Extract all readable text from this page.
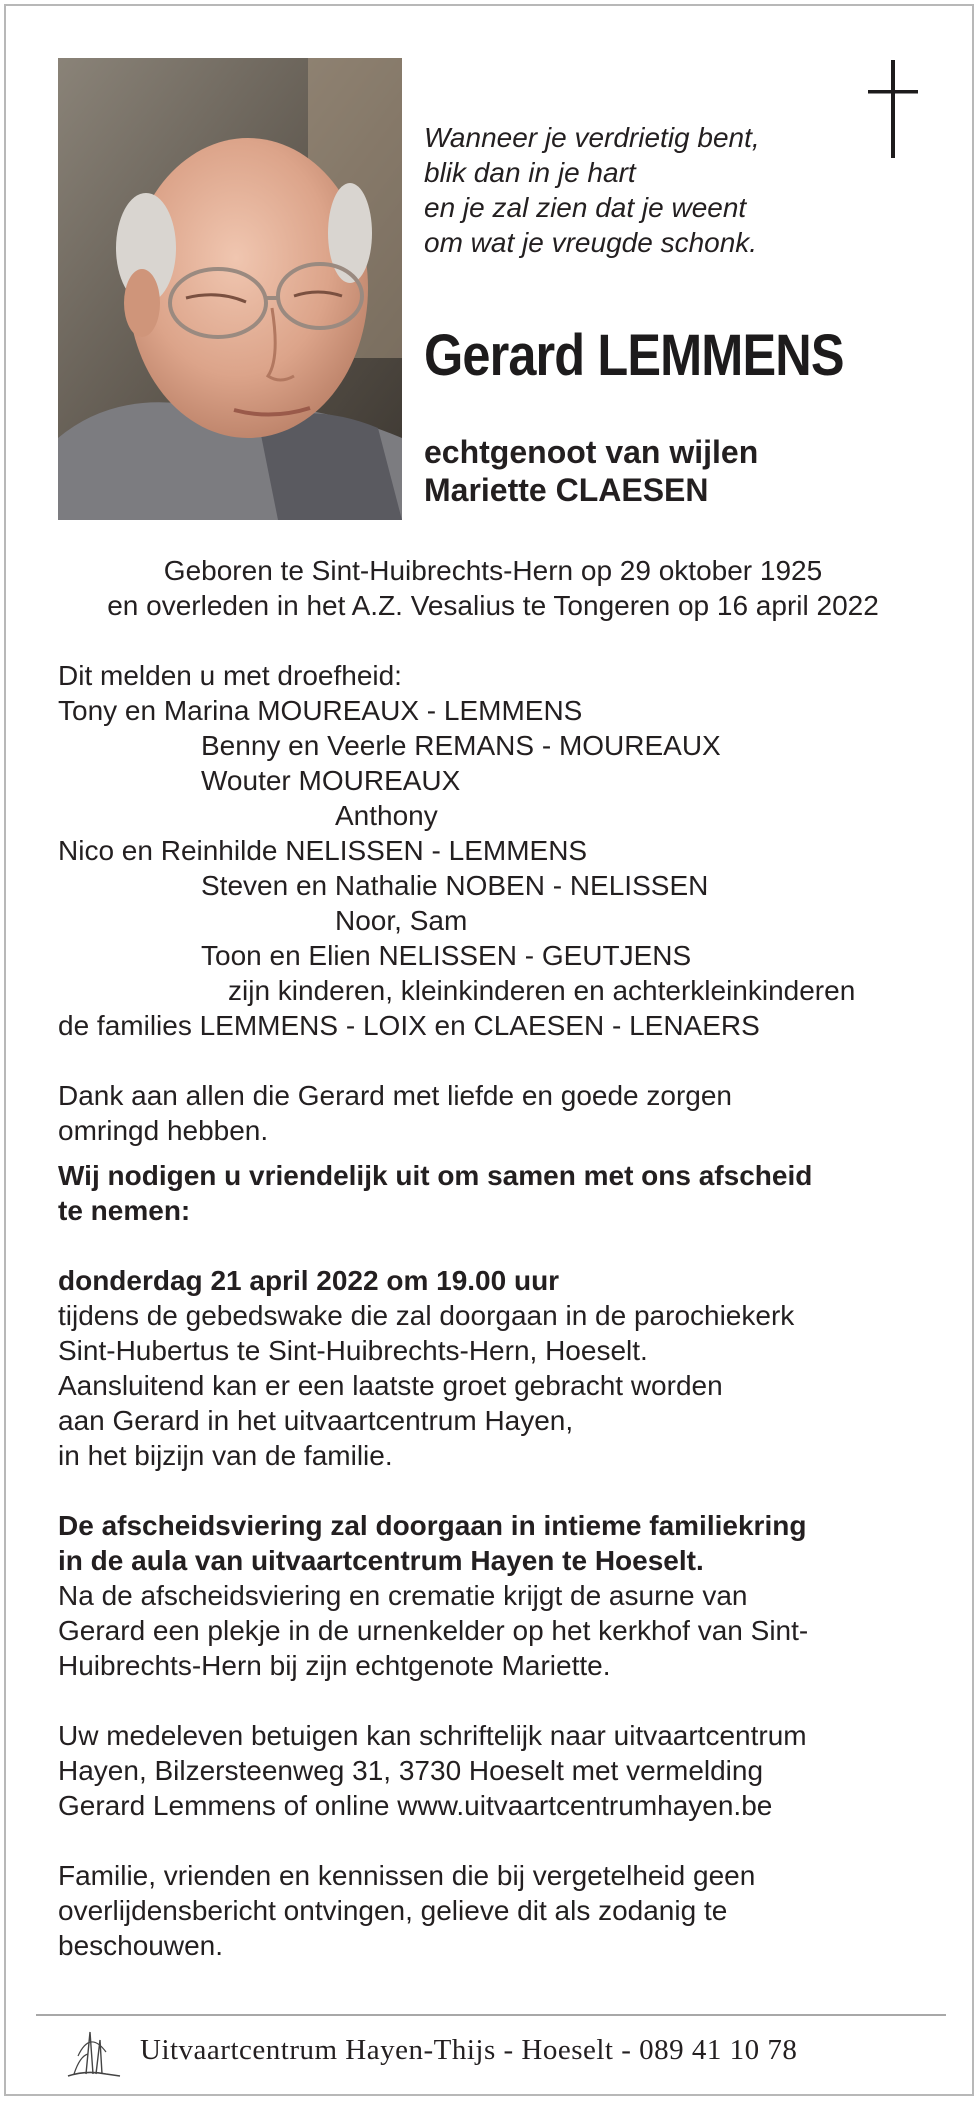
Wanneer je verdrietig bent,
blik dan in je hart
en je zal zien dat je weent
om wat je vreugde schonk.
Gerard LEMMENS
echtgenoot van wijlen
Mariette CLAESEN
Geboren te Sint-Huibrechts-Hern op 29 oktober 1925
en overleden in het A.Z. Vesalius te Tongeren op 16 april 2022
Dit melden u met droefheid:
Tony en Marina MOUREAUX - LEMMENS
Benny en Veerle REMANS - MOUREAUX
Wouter MOUREAUX
Anthony
Nico en Reinhilde NELISSEN - LEMMENS
Steven en Nathalie NOBEN - NELISSEN
Noor, Sam
Toon en Elien NELISSEN - GEUTJENS
zijn kinderen, kleinkinderen en achterkleinkinderen
de families LEMMENS - LOIX en CLAESEN - LENAERS
Dank aan allen die Gerard met liefde en goede zorgen
omringd hebben.
Wij nodigen u vriendelijk uit om samen met ons afscheid
te nemen:
donderdag 21 april 2022 om 19.00 uur
tijdens de gebedswake die zal doorgaan in de parochiekerk
Sint-Hubertus te Sint-Huibrechts-Hern, Hoeselt.
Aansluitend kan er een laatste groet gebracht worden
aan Gerard in het uitvaartcentrum Hayen,
in het bijzijn van de familie.
De afscheidsviering zal doorgaan in intieme familiekring
in de aula van uitvaartcentrum Hayen te Hoeselt.
Na de afscheidsviering en crematie krijgt de asurne van
Gerard een plekje in de urnenkelder op het kerkhof van Sint-
Huibrechts-Hern bij zijn echtgenote Mariette.
Uw medeleven betuigen kan schriftelijk naar uitvaartcentrum
Hayen, Bilzersteenweg 31, 3730 Hoeselt met vermelding
Gerard Lemmens of online www.uitvaartcentrumhayen.be
Familie, vrienden en kennissen die bij vergetelheid geen
overlijdensbericht ontvingen, gelieve dit als zodanig te
beschouwen.
Uitvaartcentrum Hayen-Thijs - Hoeselt - 089 41 10 78
